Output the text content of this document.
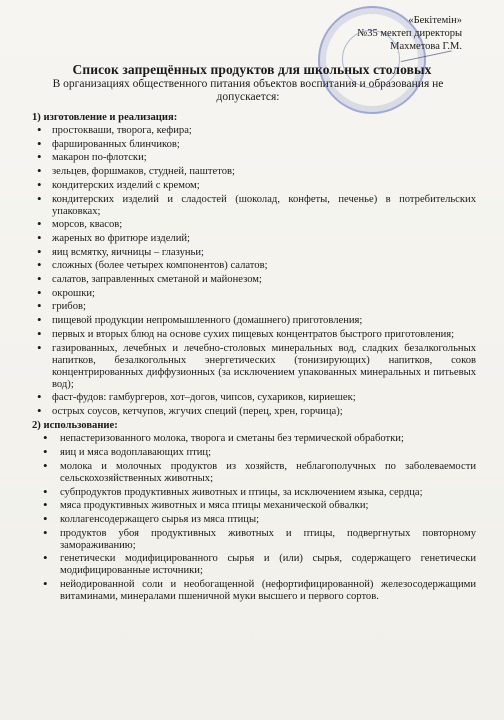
«Бекітемін»
№35 мектеп директоры
Махметова Г.М.
Список запрещённых продуктов для школьных столовых
В организациях общественного питания объектов воспитания и образования не допускается:
1) изготовление и реализация:
• простокваши, творога, кефира;
• фаршированных блинчиков;
• макарон по-флотски;
• зельцев, форшмаков, студней, паштетов;
• кондитерских изделий с кремом;
• кондитерских изделий и сладостей (шоколад, конфеты, печенье) в потребительских упаковках;
• морсов, квасов;
• жареных во фритюре изделий;
• яиц всмятку, яичницы – глазуньи;
• сложных (более четырех компонентов) салатов;
• салатов, заправленных сметаной и майонезом;
• окрошки;
• грибов;
• пищевой продукции непромышленного (домашнего) приготовления;
• первых и вторых блюд на основе сухих пищевых концентратов быстрого приготовления;
• газированных, лечебных и лечебно-столовых минеральных вод, сладких безалкогольных напитков, безалкогольных энергетических (тонизирующих) напитков, соков концентрированных диффузионных (за исключением упакованных минеральных и питьевых вод);
• фаст-фудов: гамбургеров, хот–догов, чипсов, сухариков, кириешек;
• острых соусов, кетчупов, жгучих специй (перец, хрен, горчица);
2) использование:
• непастеризованного молока, творога и сметаны без термической обработки;
• яиц и мяса водоплавающих птиц;
• молока и молочных продуктов из хозяйств, неблагополучных по заболеваемости сельскохозяйственных животных;
• субпродуктов продуктивных животных и птицы, за исключением языка, сердца;
• мяса продуктивных животных и мяса птицы механической обвалки;
• коллагенсодержащего сырья из мяса птицы;
• продуктов убоя продуктивных животных и птицы, подвергнутых повторному замораживанию;
• генетически модифицированного сырья и (или) сырья, содержащего генетически модифицированные источники;
• нейодированной соли и необогащенной (нефортифицированной) железосодержащими витаминами, минералами пшеничной муки высшего и первого сортов.
